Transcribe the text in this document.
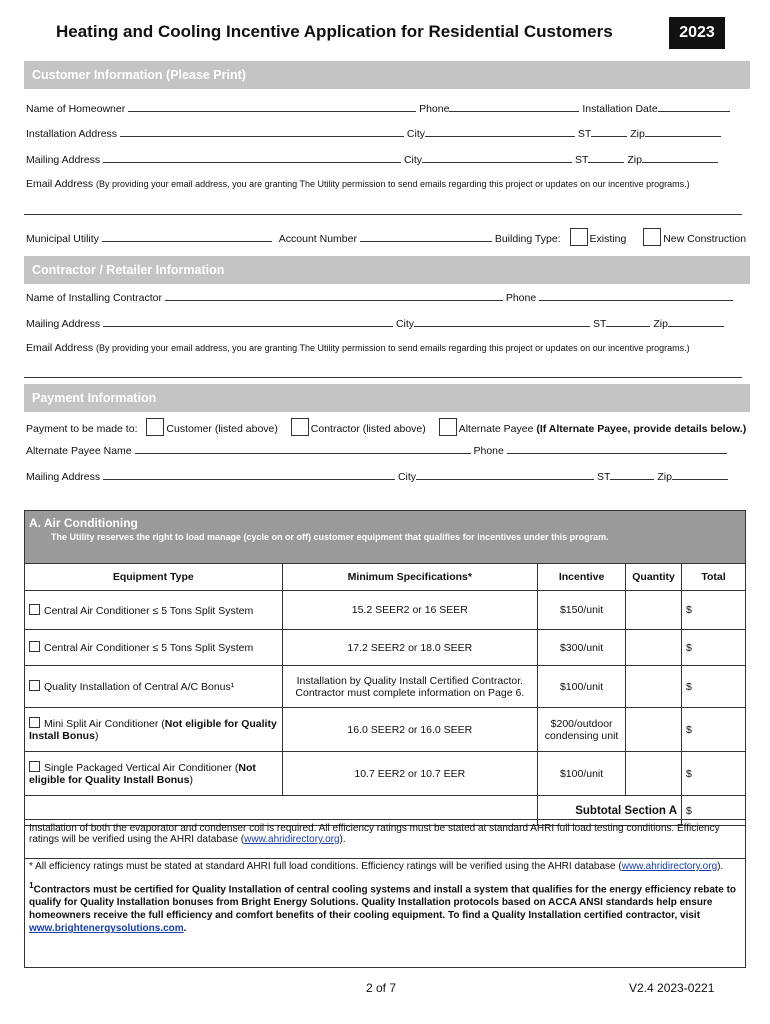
Heating and Cooling Incentive Application for Residential Customers	2023
Customer Information (Please Print)
Name of Homeowner	Phone	Installation Date
Installation Address	City	ST	Zip
Mailing Address	City	ST	Zip
Email Address (By providing your email address, you are granting The Utility permission to send emails regarding this project or updates on our incentive programs.)
Municipal Utility	Account Number	Building Type:	Existing	New Construction
Contractor / Retailer Information
Name of Installing Contractor	Phone
Mailing Address	City	ST	Zip
Email Address (By providing your email address, you are granting The Utility permission to send emails regarding this project or updates on our incentive programs.)
Payment Information
Payment to be made to:	Customer (listed above)	Contractor (listed above)	Alternate Payee (If Alternate Payee, provide details below.)
Alternate Payee Name	Phone
Mailing Address	City	ST	Zip
A. Air Conditioning
The Utility reserves the right to load manage (cycle on or off) customer equipment that qualifies for incentives under this program.
Equipment Type	Minimum Specifications*	Incentive	Quantity	Total
Central Air Conditioner ≤ 5 Tons Split System	15.2 SEER2 or 16 SEER	$150/unit		$
Central Air Conditioner ≤ 5 Tons Split System	17.2 SEER2 or 18.0 SEER	$300/unit		$
Quality Installation of Central A/C Bonus¹	Installation by Quality Install Certified Contractor. Contractor must complete information on Page 6.	$100/unit		$
Mini Split Air Conditioner (Not eligible for Quality Install Bonus)	16.0 SEER2 or 16.0 SEER	$200/outdoor condensing unit		$
Single Packaged Vertical Air Conditioner (Not eligible for Quality Install Bonus)	10.7 EER2 or 10.7 EER	$100/unit		$
		Subtotal Section A		$
Installation of both the evaporator and condenser coil is required. All efficiency ratings must be stated at standard AHRI full load testing conditions. Efficiency ratings will be verified using the AHRI database (www.ahridirectory.org).
* All efficiency ratings must be stated at standard AHRI full load conditions. Efficiency ratings will be verified using the AHRI database (www.ahridirectory.org).
$^1$Contractors must be certified for Quality Installation of central cooling systems and install a system that qualifies for the energy efficiency rebate to qualify for Quality Installation bonuses from Bright Energy Solutions. Quality Installation protocols based on ACCA ANSI standards help ensure homeowners receive the full efficiency and comfort benefits of their cooling equipment. To find a Quality Installation certified contractor, visit www.brightenergysolutions.com.
2 of 7	V2.4 2023-0221
